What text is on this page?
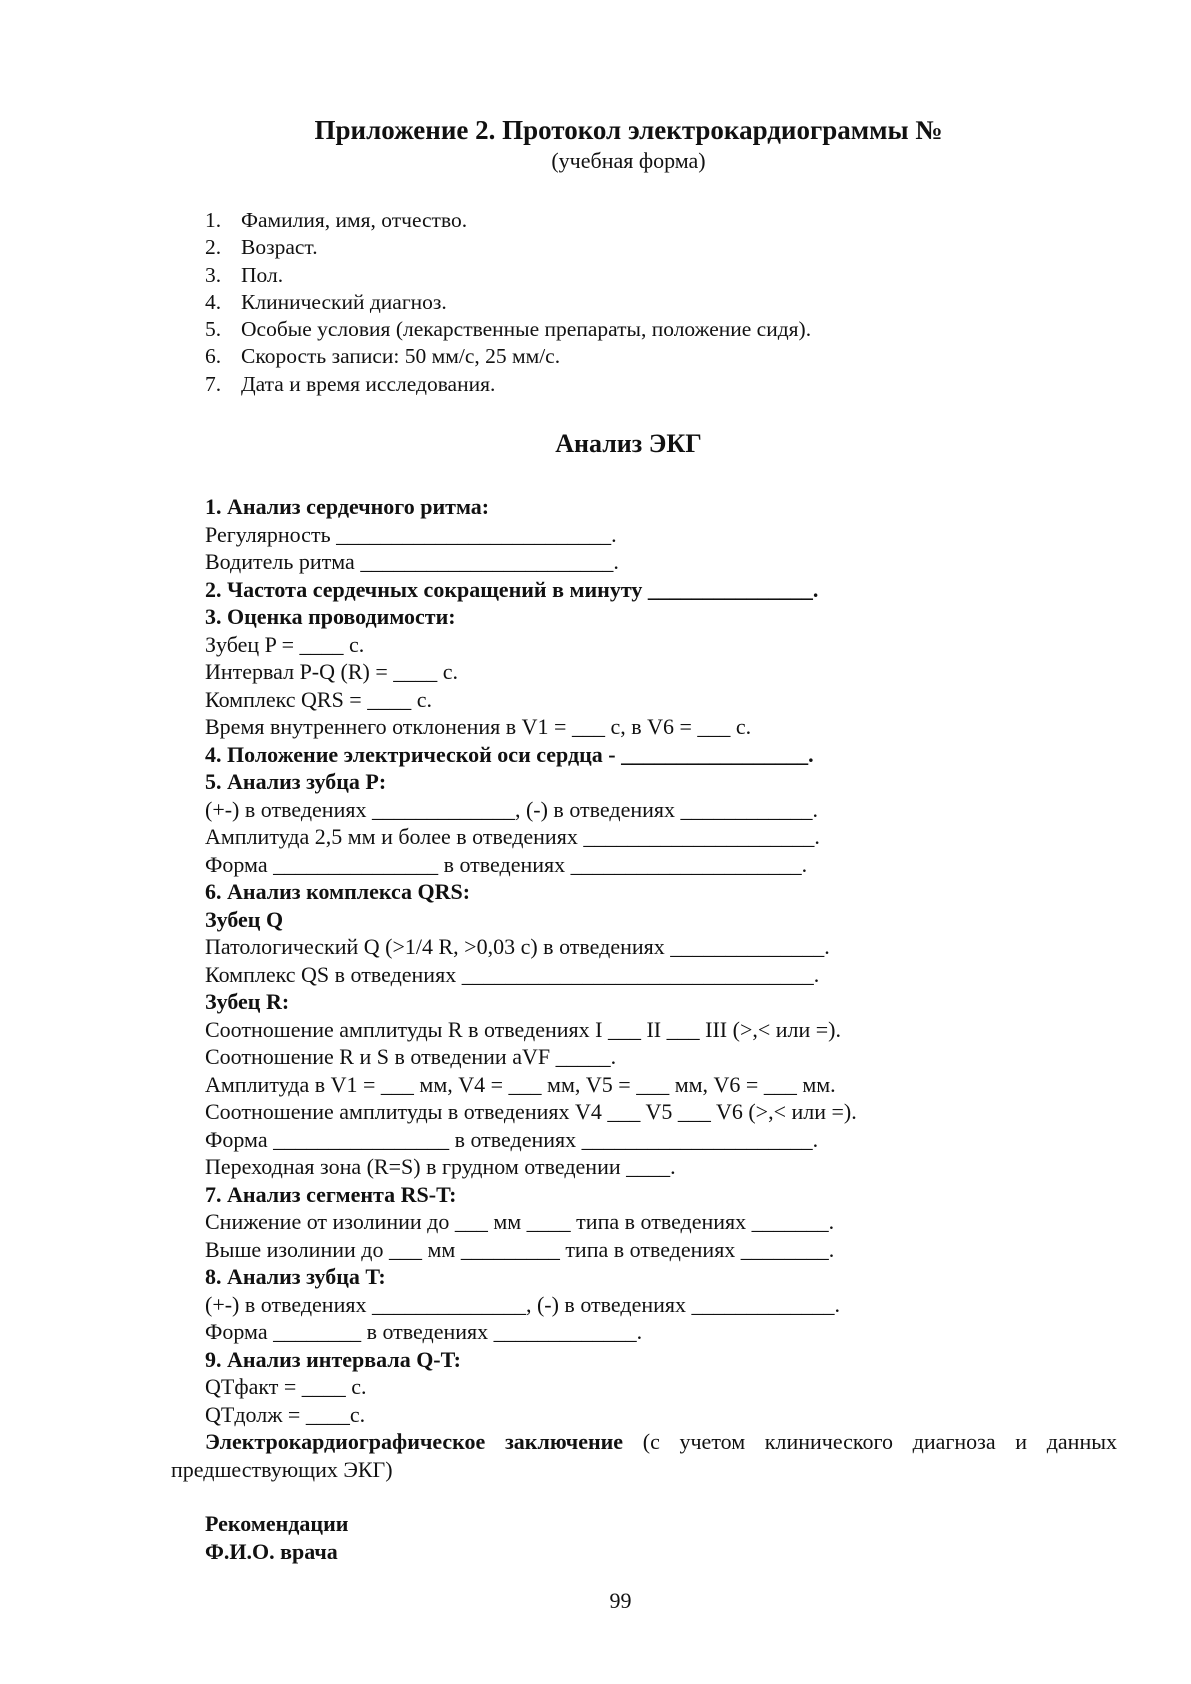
Приложение 2. Протокол электрокардиограммы №
(учебная форма)
1. Фамилия, имя, отчество.
2. Возраст.
3. Пол.
4. Клинический диагноз.
5. Особые условия (лекарственные препараты, положение сидя).
6. Скорость записи: 50 мм/с, 25 мм/с.
7. Дата и время исследования.
Анализ ЭКГ
1. Анализ сердечного ритма:
Регулярность _________________________.
Водитель ритма _______________________.
2. Частота сердечных сокращений в минуту _______________.
3. Оценка проводимости:
Зубец P = ____ с.
Интервал P-Q (R) = ____ с.
Комплекс QRS = ____ с.
Время внутреннего отклонения в V1 = ___ с, в V6 = ___ с.
4. Положение электрической оси сердца - _________________.
5. Анализ зубца P:
(+-) в отведениях _____________, (-) в отведениях ____________.
Амплитуда 2,5 мм и более в отведениях _____________________.
Форма _______________ в отведениях _____________________.
6. Анализ комплекса QRS:
Зубец Q
Патологический Q (>1/4 R, >0,03 с) в отведениях ______________.
Комплекс QS в отведениях ________________________________.
Зубец R:
Соотношение амплитуды R в отведениях I ___ II ___ III (>,< или =).
Соотношение R и S в отведении aVF _____.
Амплитуда в V1 = ___ мм, V4 = ___ мм, V5 = ___ мм, V6 = ___ мм.
Соотношение амплитуды в отведениях V4 ___ V5 ___ V6 (>,< или =).
Форма ________________ в отведениях _____________________.
Переходная зона (R=S) в грудном отведении ____.
7. Анализ сегмента RS-T:
Снижение от изолинии до ___ мм ____ типа в отведениях _______.
Выше изолинии до ___ мм _________ типа в отведениях ________.
8. Анализ зубца T:
(+-) в отведениях ______________, (-) в отведениях _____________.
Форма ________ в отведениях _____________.
9. Анализ интервала Q-T:
QTфакт = ____ с.
QTдолж = ____с.
Электрокардиографическое заключение (с учетом клинического диагноза и данных предшествующих ЭКГ)
Рекомендации
Ф.И.О. врача
99
